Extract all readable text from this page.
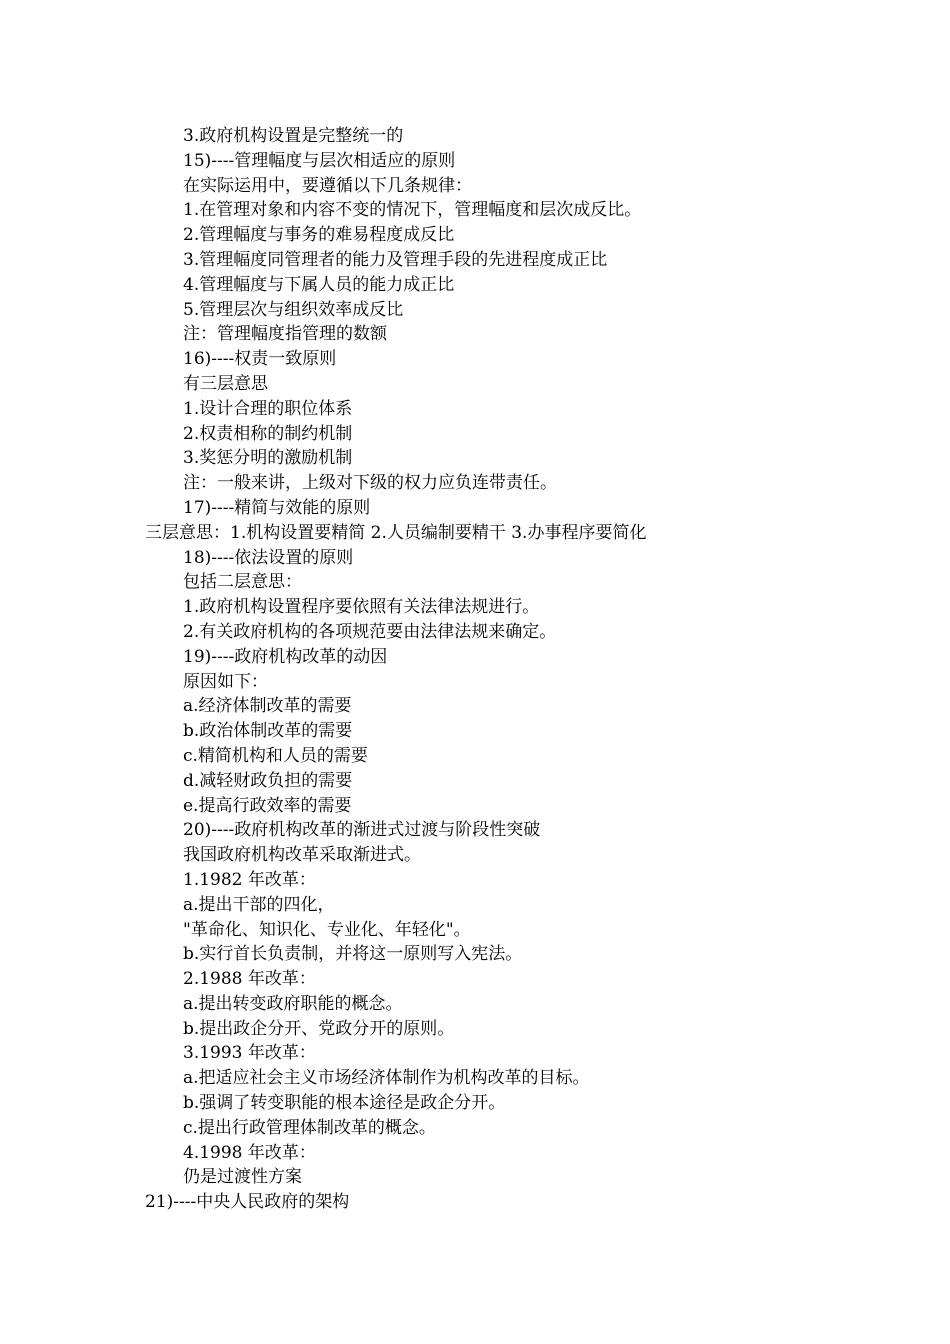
3.政府机构设置是完整统一的
15)----管理幅度与层次相适应的原则
在实际运用中，要遵循以下几条规律：
1.在管理对象和内容不变的情况下，管理幅度和层次成反比。
2.管理幅度与事务的难易程度成反比
3.管理幅度同管理者的能力及管理手段的先进程度成正比
4.管理幅度与下属人员的能力成正比
5.管理层次与组织效率成反比
注：管理幅度指管理的数额
16)----权责一致原则
有三层意思
1.设计合理的职位体系
2.权责相称的制约机制
3.奖惩分明的激励机制
注：一般来讲，上级对下级的权力应负连带责任。
17)----精简与效能的原则
三层意思：1.机构设置要精简 2.人员编制要精干 3.办事程序要简化
18)----依法设置的原则
包括二层意思：
1.政府机构设置程序要依照有关法律法规进行。
2.有关政府机构的各项规范要由法律法规来确定。
19)----政府机构改革的动因
原因如下：
a.经济体制改革的需要
b.政治体制改革的需要
c.精简机构和人员的需要
d.减轻财政负担的需要
e.提高行政效率的需要
20)----政府机构改革的渐进式过渡与阶段性突破
我国政府机构改革采取渐进式。
1.1982 年改革：
a.提出干部的四化，
"革命化、知识化、专业化、年轻化"。
b.实行首长负责制，并将这一原则写入宪法。
2.1988 年改革：
a.提出转变政府职能的概念。
b.提出政企分开、党政分开的原则。
3.1993 年改革：
a.把适应社会主义市场经济体制作为机构改革的目标。
b.强调了转变职能的根本途径是政企分开。
c.提出行政管理体制改革的概念。
4.1998 年改革：
仍是过渡性方案
21)----中央人民政府的架构
